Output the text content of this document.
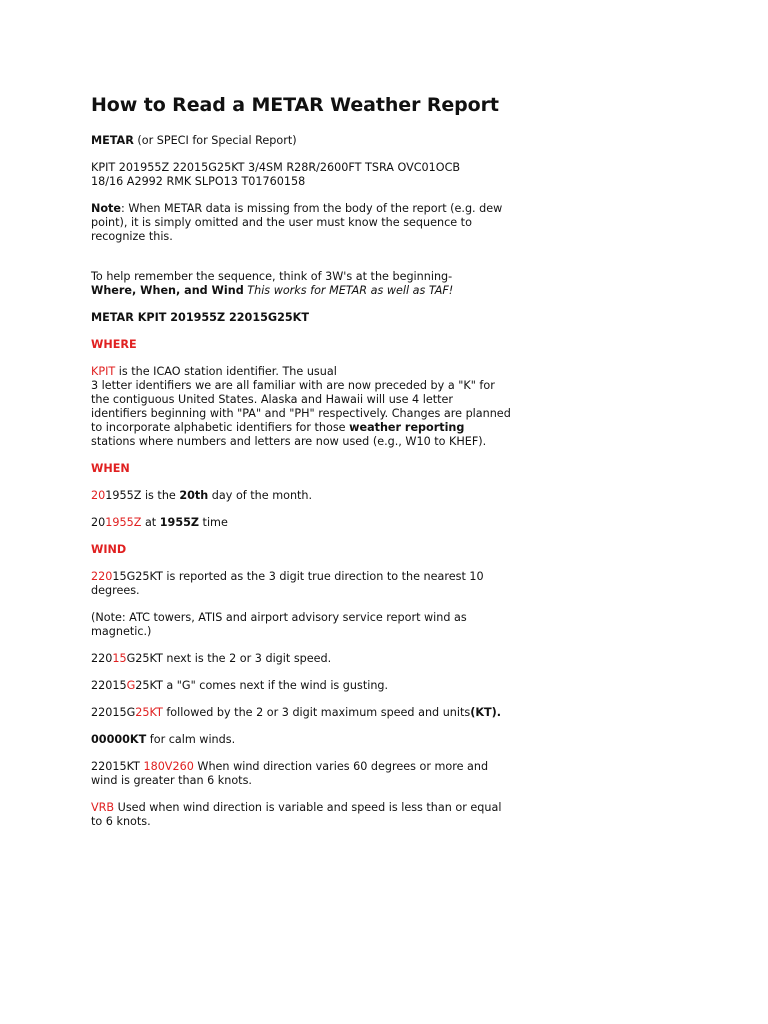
How to Read a METAR Weather Report

METAR (or SPECI for Special Report)

KPIT 201955Z 22015G25KT 3/4SM R28R/2600FT TSRA OVC01OCB
18/16 A2992 RMK SLPO13 T01760158

Note: When METAR data is missing from the body of the report (e.g. dew point), it is simply omitted and the user must know the sequence to recognize this.

To help remember the sequence, think of 3W's at the beginning-
Where, When, and Wind This works for METAR as well as TAF!

METAR KPIT 201955Z 22015G25KT

WHERE

KPIT is the ICAO station identifier. The usual
3 letter identifiers we are all familiar with are now preceded by a "K" for the contiguous United States. Alaska and Hawaii will use 4 letter identifiers beginning with "PA" and "PH" respectively. Changes are planned to incorporate alphabetic identifiers for those weather reporting stations where numbers and letters are now used (e.g., W10 to KHEF).

WHEN

201955Z is the 20th day of the month.

201955Z at 1955Z time

WIND

22015G25KT is reported as the 3 digit true direction to the nearest 10 degrees.

(Note: ATC towers, ATIS and airport advisory service report wind as magnetic.)

22015G25KT next is the 2 or 3 digit speed.

22015G25KT a "G" comes next if the wind is gusting.

22015G25KT followed by the 2 or 3 digit maximum speed and units(KT).

00000KT for calm winds.

22015KT 180V260 When wind direction varies 60 degrees or more and wind is greater than 6 knots.

VRB Used when wind direction is variable and speed is less than or equal to 6 knots.
